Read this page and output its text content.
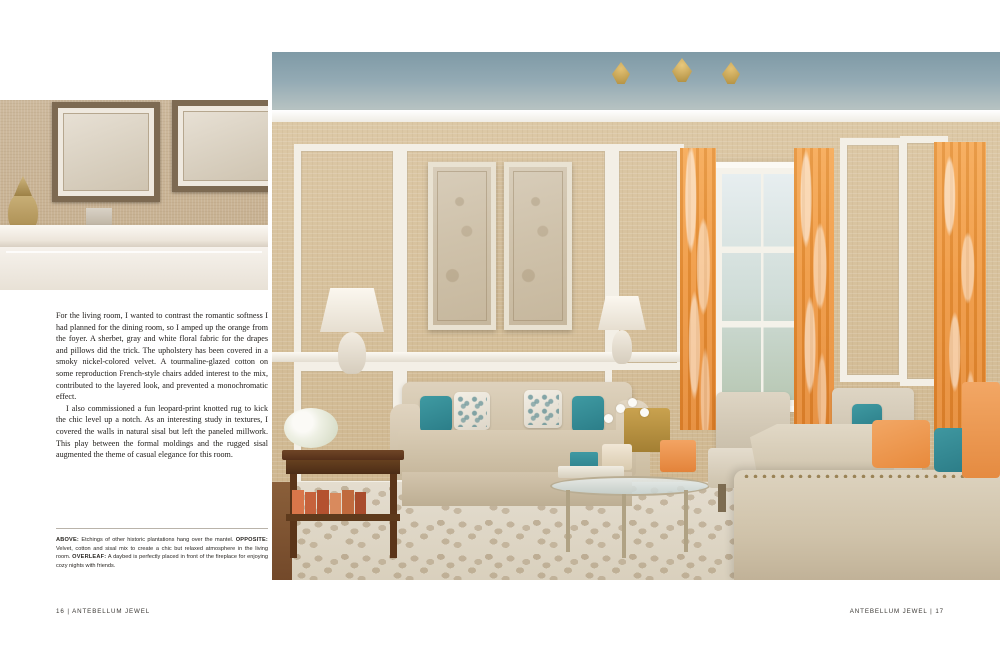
For the living room, I wanted to contrast the romantic softness I had planned for the dining room, so I amped up the orange from the foyer. A sherbet, gray and white floral fabric for the drapes and pillows did the trick. The upholstery has been covered in a smoky nickel-colored velvet. A tourmaline-glazed cotton on some reproduction French-style chairs added interest to the mix, contributed to the layered look, and prevented a monochromatic effect.

I also commissioned a fun leopard-print knotted rug to kick the chic level up a notch. As an interesting study in textures, I covered the walls in natural sisal but left the paneled millwork. This play between the formal moldings and the rugged sisal augmented the theme of casual elegance for this room.

ABOVE: Etchings of other historic plantations hang over the mantel. OPPOSITE: Velvet, cotton and sisal mix to create a chic but relaxed atmosphere in the living room. OVERLEAF: A daybed is perfectly placed in front of the fireplace for enjoying cozy nights with friends.
16 | ANTEBELLUM JEWEL	ANTEBELLUM JEWEL | 17
